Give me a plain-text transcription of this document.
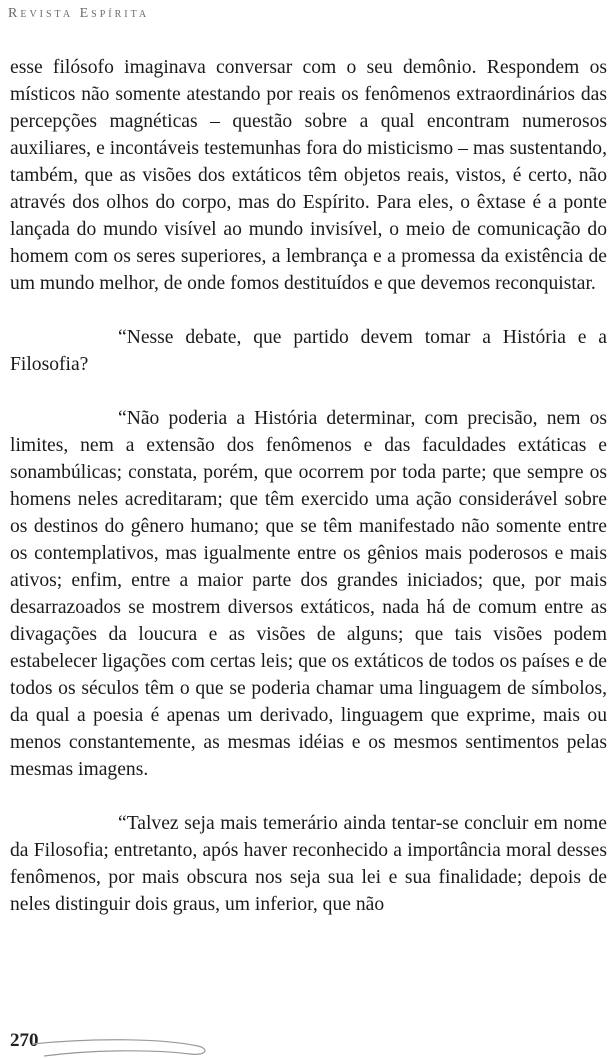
Revista Espírita

esse filósofo imaginava conversar com o seu demônio. Respondem os místicos não somente atestando por reais os fenômenos extraordinários das percepções magnéticas – questão sobre a qual encontram numerosos auxiliares, e incontáveis testemunhas fora do misticismo – mas sustentando, também, que as visões dos extáticos têm objetos reais, vistos, é certo, não através dos olhos do corpo, mas do Espírito. Para eles, o êxtase é a ponte lançada do mundo visível ao mundo invisível, o meio de comunicação do homem com os seres superiores, a lembrança e a promessa da existência de um mundo melhor, de onde fomos destituídos e que devemos reconquistar.

“Nesse debate, que partido devem tomar a História e a Filosofia?

“Não poderia a História determinar, com precisão, nem os limites, nem a extensão dos fenômenos e das faculdades extáticas e sonambúlicas; constata, porém, que ocorrem por toda parte; que sempre os homens neles acreditaram; que têm exercido uma ação considerável sobre os destinos do gênero humano; que se têm manifestado não somente entre os contemplativos, mas igualmente entre os gênios mais poderosos e mais ativos; enfim, entre a maior parte dos grandes iniciados; que, por mais desarrazoados se mostrem diversos extáticos, nada há de comum entre as divagações da loucura e as visões de alguns; que tais visões podem estabelecer ligações com certas leis; que os extáticos de todos os países e de todos os séculos têm o que se poderia chamar uma linguagem de símbolos, da qual a poesia é apenas um derivado, linguagem que exprime, mais ou menos constantemente, as mesmas idéias e os mesmos sentimentos pelas mesmas imagens.

“Talvez seja mais temerário ainda tentar-se concluir em nome da Filosofia; entretanto, após haver reconhecido a importância moral desses fenômenos, por mais obscura nos seja sua lei e sua finalidade; depois de neles distinguir dois graus, um inferior, que não

270
